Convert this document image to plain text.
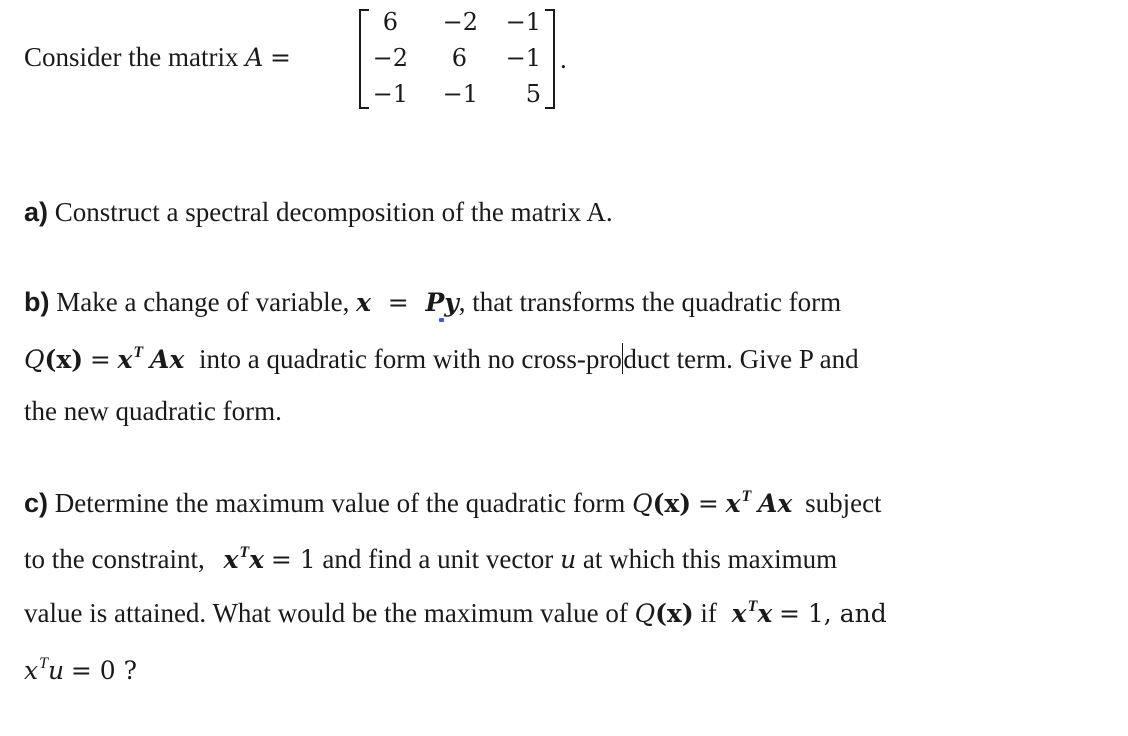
Consider the matrix A =	.
6	−2	−1
−2	6	−1
−1	−1	5
a) Construct a spectral decomposition of the matrix A.
b) Make a change of variable, x = Py, that transforms the quadratic form
$Q(x) = x^T$ Ax into a quadratic form with no cross-product term. Give P and
the new quadratic form.
c) Determine the maximum value of the quadratic form $Q(x) = x^T$ Ax subject
to the constraint, $x^Tx = 1$ and find a unit vector u at which this maximum
value is attained. What would be the maximum value of Q(x) if $x^Tx = 1$, and
$x^Tu = 0$ ?
